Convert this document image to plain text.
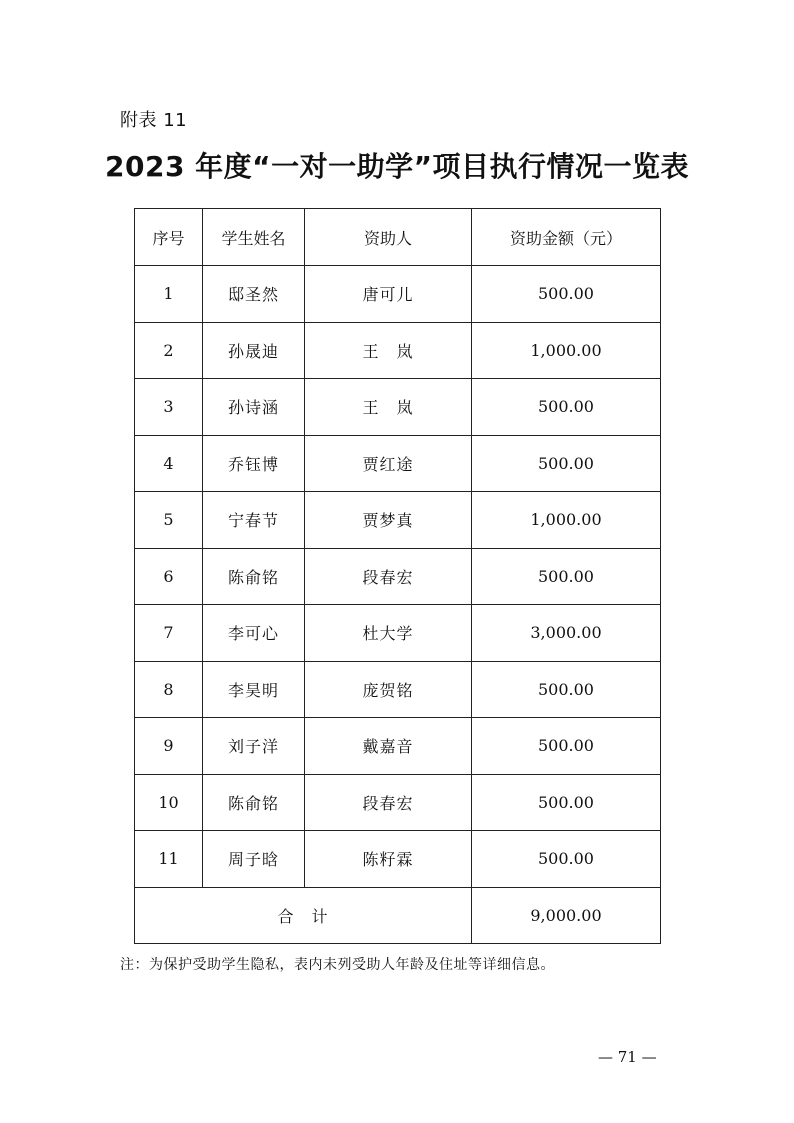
附表 11
2023 年度“一对一助学”项目执行情况一览表
序号	学生姓名	资助人	资助金额（元）
1	邸圣然	唐可儿	500.00
2	孙晟迪	王　岚	1,000.00
3	孙诗涵	王　岚	500.00
4	乔钰博	贾红途	500.00
5	宁春节	贾梦真	1,000.00
6	陈俞铭	段春宏	500.00
7	李可心	杜大学	3,000.00
8	李昊明	庞贺铭	500.00
9	刘子洋	戴嘉音	500.00
10	陈俞铭	段春宏	500.00
11	周子晗	陈籽霖	500.00
合　计			9,000.00
注：为保护受助学生隐私，表内未列受助人年龄及住址等详细信息。
— 71 —
